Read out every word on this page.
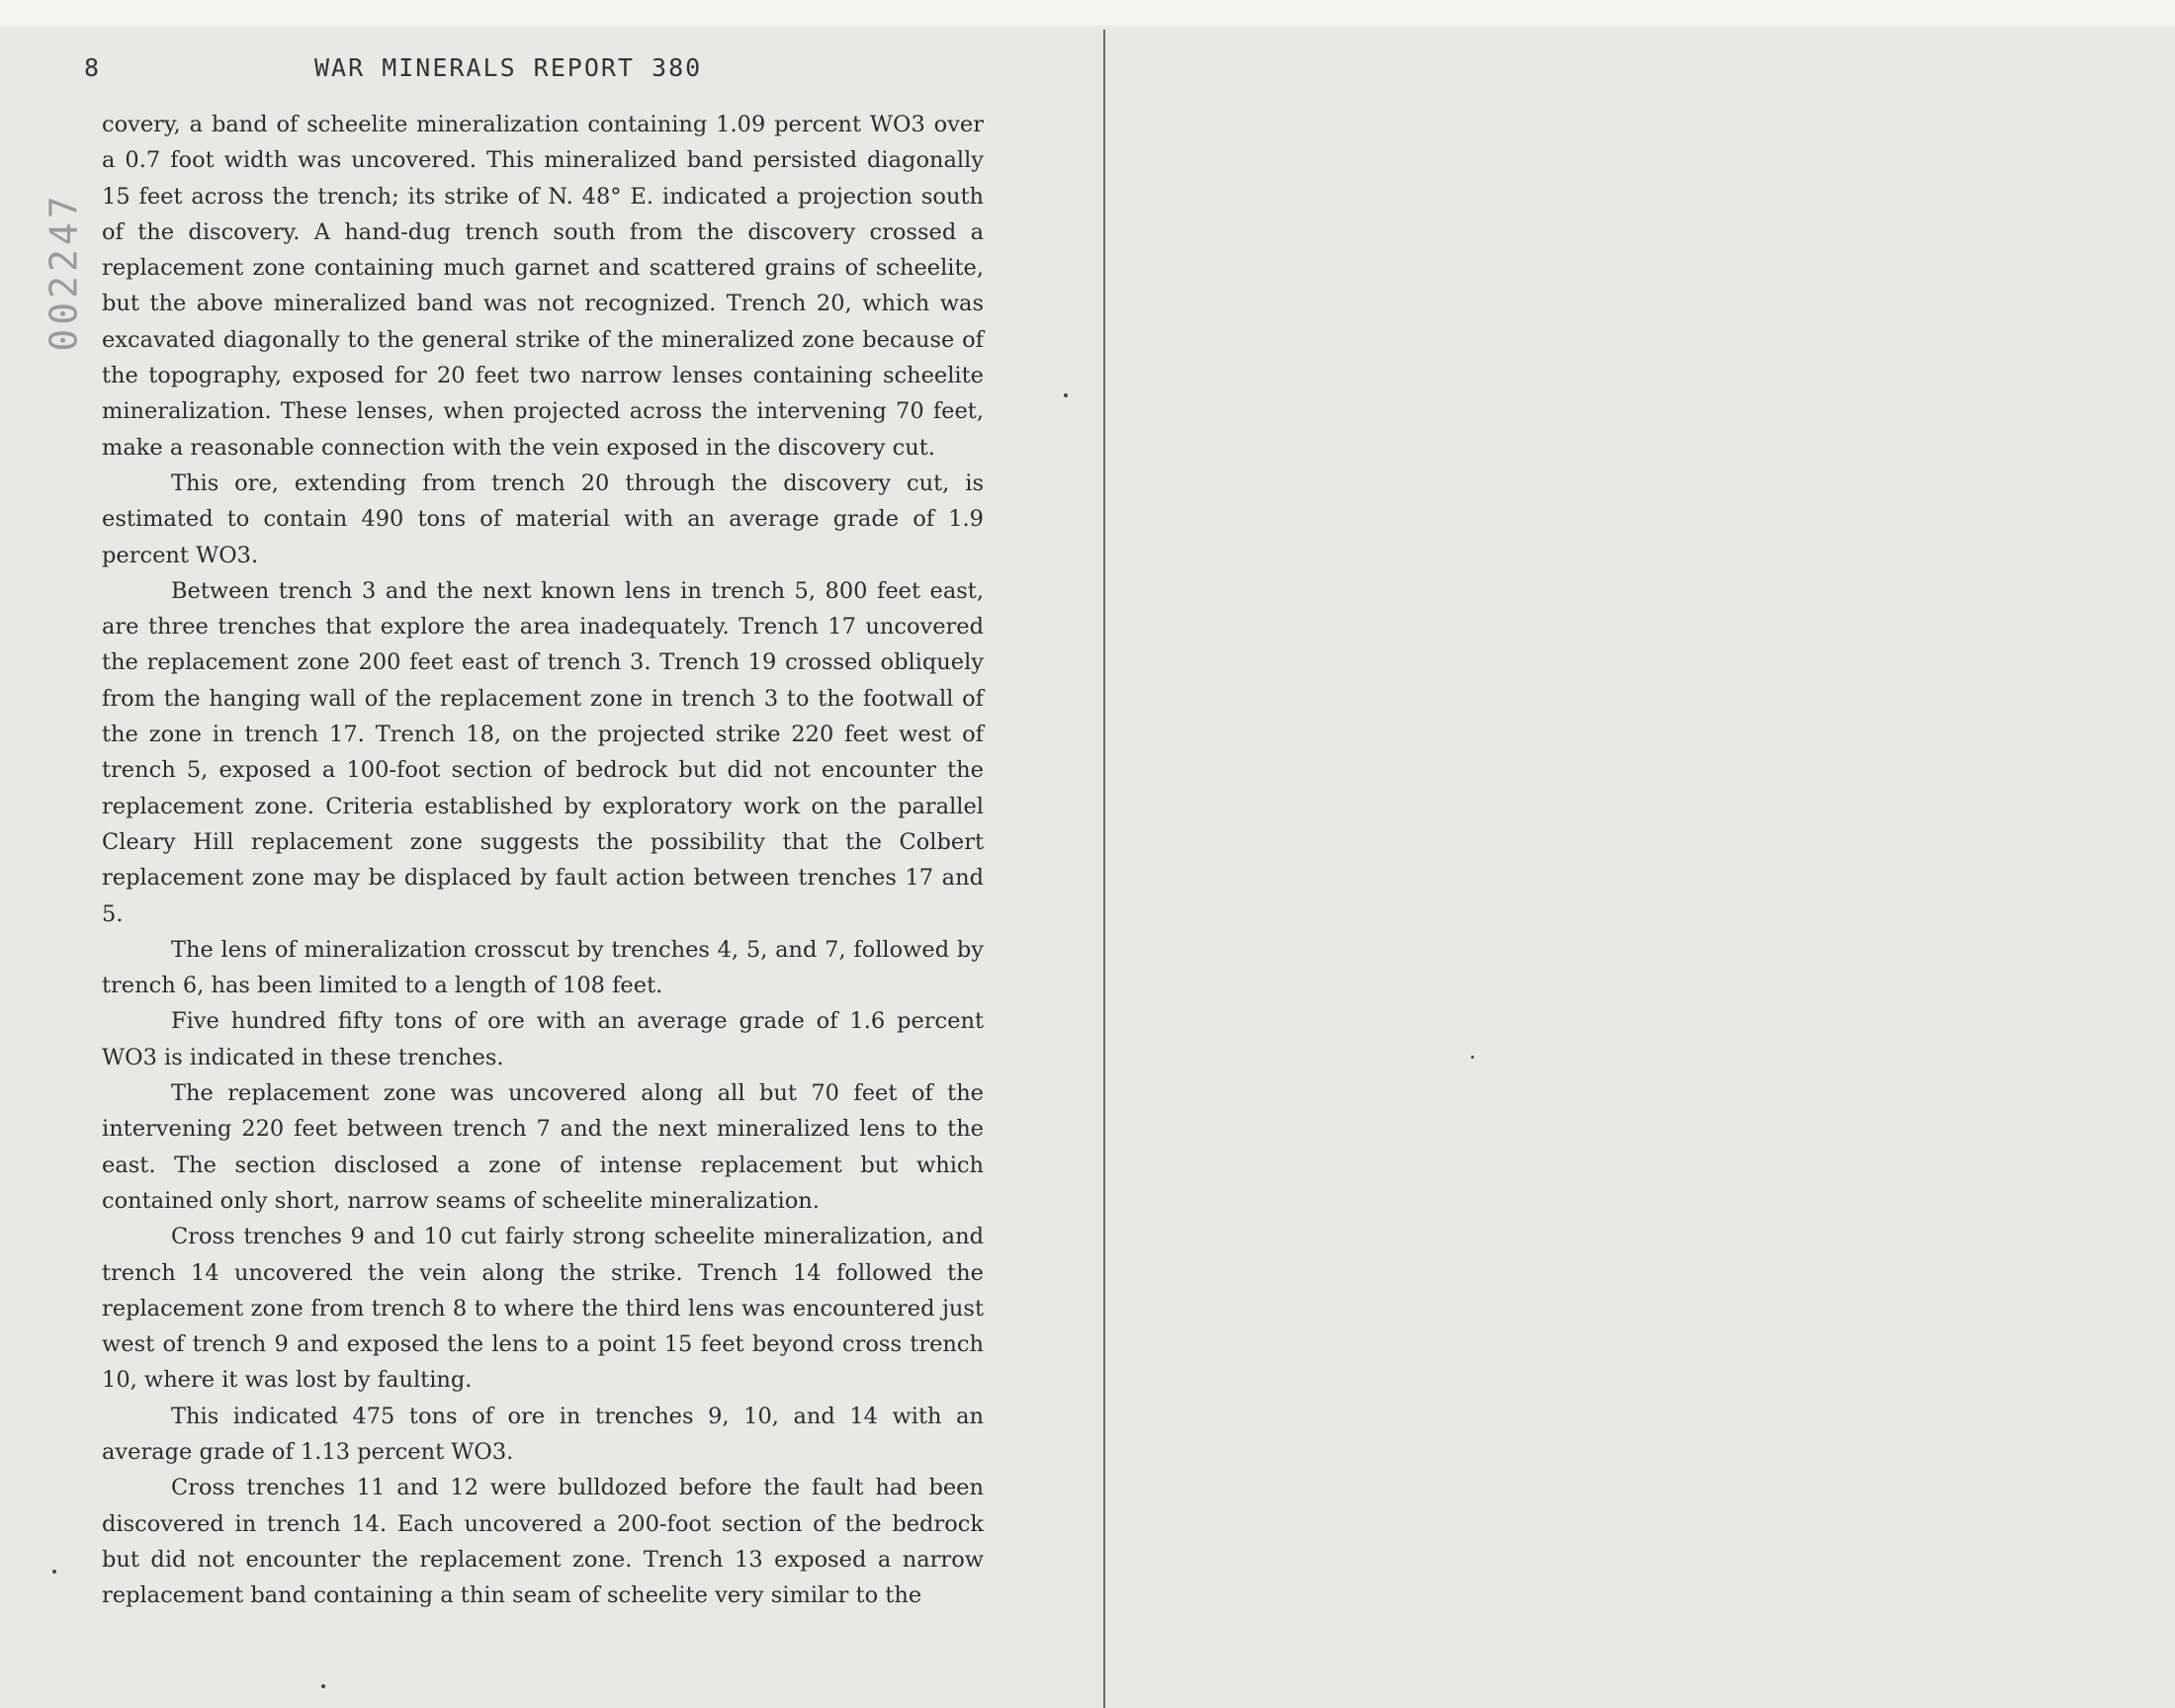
8	WAR MINERALS REPORT 380
002247

covery, a band of scheelite mineralization containing 1.09 percent WO3 over a 0.7 foot width was uncovered. This mineralized band persisted diagonally 15 feet across the trench; its strike of N. 48° E. indicated a projection south of the discovery. A hand-dug trench south from the discovery crossed a replacement zone containing much garnet and scattered grains of scheelite, but the above mineralized band was not recognized. Trench 20, which was excavated diagonally to the general strike of the mineralized zone because of the topography, exposed for 20 feet two narrow lenses containing scheelite mineralization. These lenses, when projected across the intervening 70 feet, make a reasonable connection with the vein exposed in the discovery cut.

This ore, extending from trench 20 through the discovery cut, is estimated to contain 490 tons of material with an average grade of 1.9 percent WO3.

Between trench 3 and the next known lens in trench 5, 800 feet east, are three trenches that explore the area inadequately. Trench 17 uncovered the replacement zone 200 feet east of trench 3. Trench 19 crossed obliquely from the hanging wall of the replacement zone in trench 3 to the footwall of the zone in trench 17. Trench 18, on the projected strike 220 feet west of trench 5, exposed a 100-foot section of bedrock but did not encounter the replacement zone. Criteria established by exploratory work on the parallel Cleary Hill replacement zone suggests the possibility that the Colbert replacement zone may be displaced by fault action between trenches 17 and 5.

The lens of mineralization crosscut by trenches 4, 5, and 7, followed by trench 6, has been limited to a length of 108 feet.

Five hundred fifty tons of ore with an average grade of 1.6 percent WO3 is indicated in these trenches.

The replacement zone was uncovered along all but 70 feet of the intervening 220 feet between trench 7 and the next mineralized lens to the east. The section disclosed a zone of intense replacement but which contained only short, narrow seams of scheelite mineralization.

Cross trenches 9 and 10 cut fairly strong scheelite mineralization, and trench 14 uncovered the vein along the strike. Trench 14 followed the replacement zone from trench 8 to where the third lens was encountered just west of trench 9 and exposed the lens to a point 15 feet beyond cross trench 10, where it was lost by faulting.

This indicated 475 tons of ore in trenches 9, 10, and 14 with an average grade of 1.13 percent WO3.

Cross trenches 11 and 12 were bulldozed before the fault had been discovered in trench 14. Each uncovered a 200-foot section of the bedrock but did not encounter the replacement zone. Trench 13 exposed a narrow replacement band containing a thin seam of scheelite very similar to the
